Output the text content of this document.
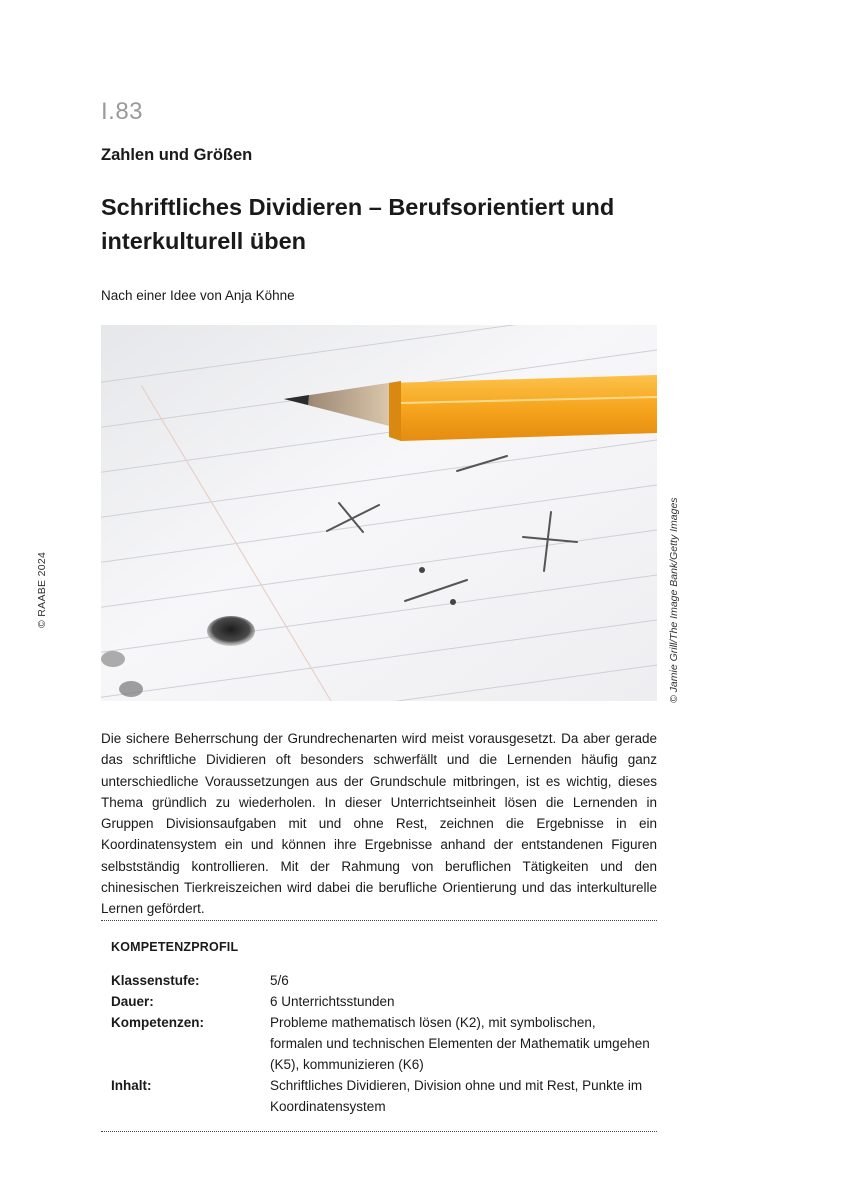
I.83
Zahlen und Größen
Schriftliches Dividieren – Berufsorientiert und interkulturell üben
Nach einer Idee von Anja Köhne
© Jamie Grill/The Image Bank/Getty Images
© RAABE 2024

Die sichere Beherrschung der Grundrechenarten wird meist vorausgesetzt. Da aber gerade das schriftliche Dividieren oft besonders schwerfällt und die Lernenden häufig ganz unterschiedliche Voraussetzungen aus der Grundschule mitbringen, ist es wichtig, dieses Thema gründlich zu wiederholen. In dieser Unterrichtseinheit lösen die Lernenden in Gruppen Divisionsaufgaben mit und ohne Rest, zeichnen die Ergebnisse in ein Koordinatensystem ein und können ihre Ergebnisse anhand der entstandenen Figuren selbstständig kontrollieren. Mit der Rahmung von beruflichen Tätigkeiten und den chinesischen Tierkreiszeichen wird dabei die berufliche Orientierung und das interkulturelle Lernen gefördert.

KOMPETENZPROFIL
Klassenstufe:	5/6
Dauer:	6 Unterrichtsstunden
Kompetenzen:	Probleme mathematisch lösen (K2), mit symbolischen, formalen und technischen Elementen der Mathematik umgehen (K5), kommunizieren (K6)
Inhalt:	Schriftliches Dividieren, Division ohne und mit Rest, Punkte im Koordinatensystem
